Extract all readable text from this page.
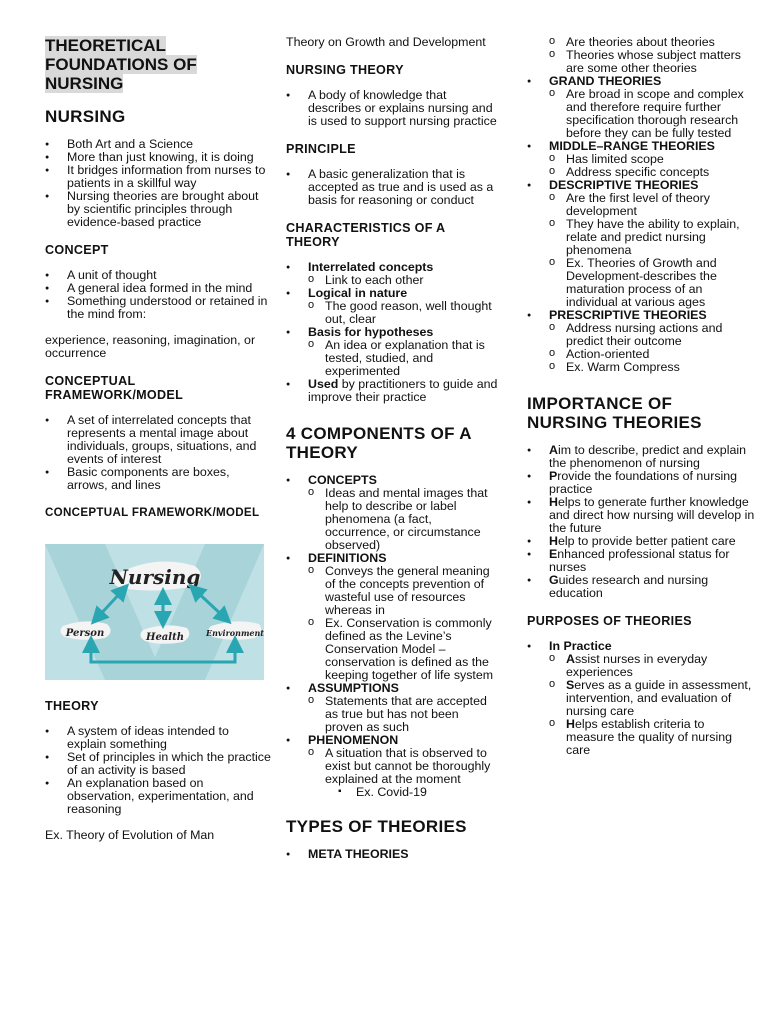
THEORETICAL
FOUNDATIONS OF
NURSING
NURSING
● Both Art and a Science
● More than just knowing, it is doing
● It bridges information from nurses to patients in a skillful way
● Nursing theories are brought about by scientific principles through evidence-based practice
CONCEPT
● A unit of thought
● A general idea formed in the mind
● Something understood or retained in the mind from:

experience, reasoning, imagination, or occurrence

CONCEPTUAL FRAMEWORK/MODEL
● A set of interrelated concepts that represents a mental image about individuals, groups, situations, and events of interest
● Basic components are boxes, arrows, and lines
CONCEPTUAL FRAMEWORK/MODEL
Nursing
Person	Health	Environment
THEORY
● A system of ideas intended to explain something
● Set of principles in which the practice of an activity is based
● An explanation based on observation, experimentation, and reasoning

Ex. Theory of Evolution of Man

Theory on Growth and Development

NURSING THEORY
● A body of knowledge that describes or explains nursing and is used to support nursing practice
PRINCIPLE
● A basic generalization that is accepted as true and is used as a basis for reasoning or conduct
CHARACTERISTICS OF A THEORY
● Interrelated concepts
o Link to each other
● Logical in nature
o The good reason, well thought out, clear
● Basis for hypotheses
o An idea or explanation that is tested, studied, and experimented
● Used by practitioners to guide and improve their practice
4 COMPONENTS OF A THEORY
● CONCEPTS
o Ideas and mental images that help to describe or label phenomena (a fact, occurrence, or circumstance observed)
● DEFINITIONS
o Conveys the general meaning of the concepts prevention of wasteful use of resources whereas in
o Ex. Conservation is commonly defined as the Levine’s Conservation Model – conservation is defined as the keeping together of life system
● ASSUMPTIONS
o Statements that are accepted as true but has not been proven as such
● PHENOMENON
o A situation that is observed to exist but cannot be thoroughly explained at the moment
▪ Ex. Covid-19
TYPES OF THEORIES
● META THEORIES
o Are theories about theories
o Theories whose subject matters are some other theories
● GRAND THEORIES
o Are broad in scope and complex and therefore require further specification thorough research before they can be fully tested
● MIDDLE–RANGE THEORIES
o Has limited scope
o Address specific concepts
● DESCRIPTIVE THEORIES
o Are the first level of theory development
o They have the ability to explain, relate and predict nursing phenomena
o Ex. Theories of Growth and Development-describes the maturation process of an individual at various ages
● PRESCRIPTIVE THEORIES
o Address nursing actions and predict their outcome
o Action-oriented
o Ex. Warm Compress
IMPORTANCE OF NURSING THEORIES
● Aim to describe, predict and explain the phenomenon of nursing
● Provide the foundations of nursing practice
● Helps to generate further knowledge and direct how nursing will develop in the future
● Help to provide better patient care
● Enhanced professional status for nurses
● Guides research and nursing education
PURPOSES OF THEORIES
● In Practice
o Assist nurses in everyday experiences
o Serves as a guide in assessment, intervention, and evaluation of nursing care
o Helps establish criteria to measure the quality of nursing care
